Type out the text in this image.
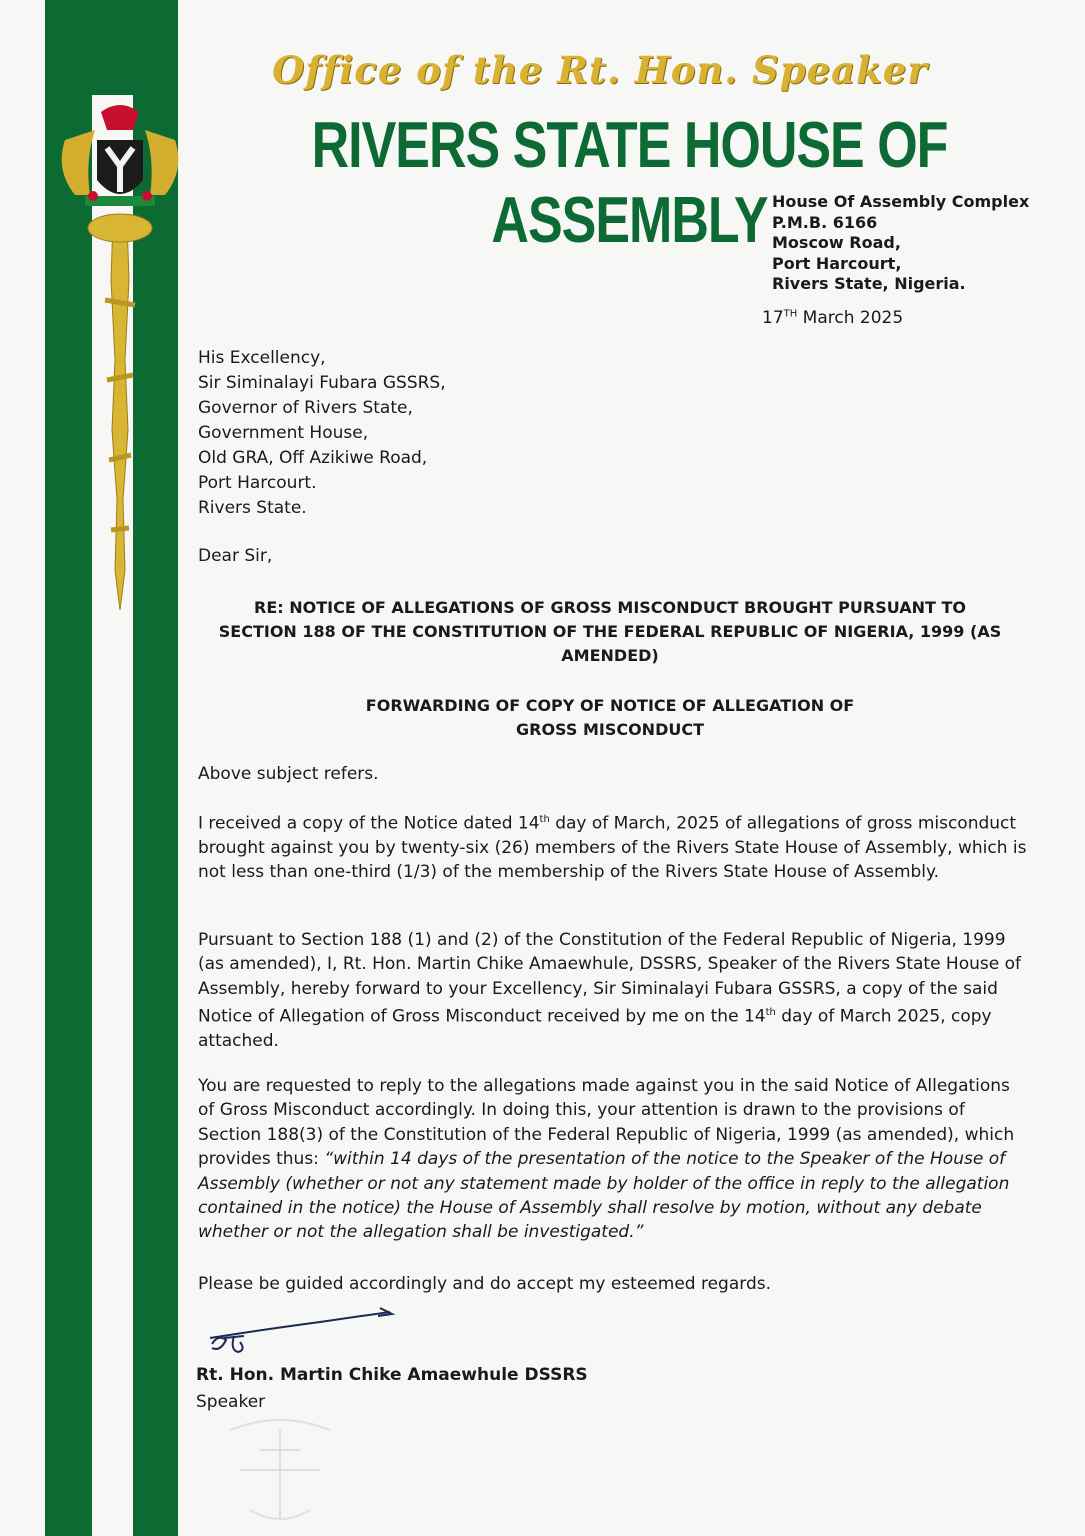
Office of the Rt. Hon. Speaker
RIVERS STATE HOUSE OF ASSEMBLY House Of Assembly Complex
P.M.B. 6166
Moscow Road,
Port Harcourt,
Rivers State, Nigeria.
17TH March 2025
His Excellency,
Sir Siminalayi Fubara GSSRS,
Governor of Rivers State,
Government House,
Old GRA, Off Azikiwe Road,
Port Harcourt.
Rivers State.
Dear Sir,
RE: NOTICE OF ALLEGATIONS OF GROSS MISCONDUCT BROUGHT PURSUANT TO
SECTION 188 OF THE CONSTITUTION OF THE FEDERAL REPUBLIC OF NIGERIA, 1999 (AS
AMENDED)
FORWARDING OF COPY OF NOTICE OF ALLEGATION OF
GROSS MISCONDUCT
Above subject refers.
I received a copy of the Notice dated 14th day of March, 2025 of allegations of gross misconduct brought against you by twenty-six (26) members of the Rivers State House of Assembly, which is not less than one-third (1/3) of the membership of the Rivers State House of Assembly.
Pursuant to Section 188 (1) and (2) of the Constitution of the Federal Republic of Nigeria, 1999 (as amended), I, Rt. Hon. Martin Chike Amaewhule, DSSRS, Speaker of the Rivers State House of Assembly, hereby forward to your Excellency, Sir Siminalayi Fubara GSSRS, a copy of the said Notice of Allegation of Gross Misconduct received by me on the 14th day of March 2025, copy attached.
You are requested to reply to the allegations made against you in the said Notice of Allegations of Gross Misconduct accordingly. In doing this, your attention is drawn to the provisions of Section 188(3) of the Constitution of the Federal Republic of Nigeria, 1999 (as amended), which provides thus: “within 14 days of the presentation of the notice to the Speaker of the House of Assembly (whether or not any statement made by holder of the office in reply to the allegation contained in the notice) the House of Assembly shall resolve by motion, without any debate whether or not the allegation shall be investigated.”
Please be guided accordingly and do accept my esteemed regards.
Rt. Hon. Martin Chike Amaewhule DSSRS
Speaker
